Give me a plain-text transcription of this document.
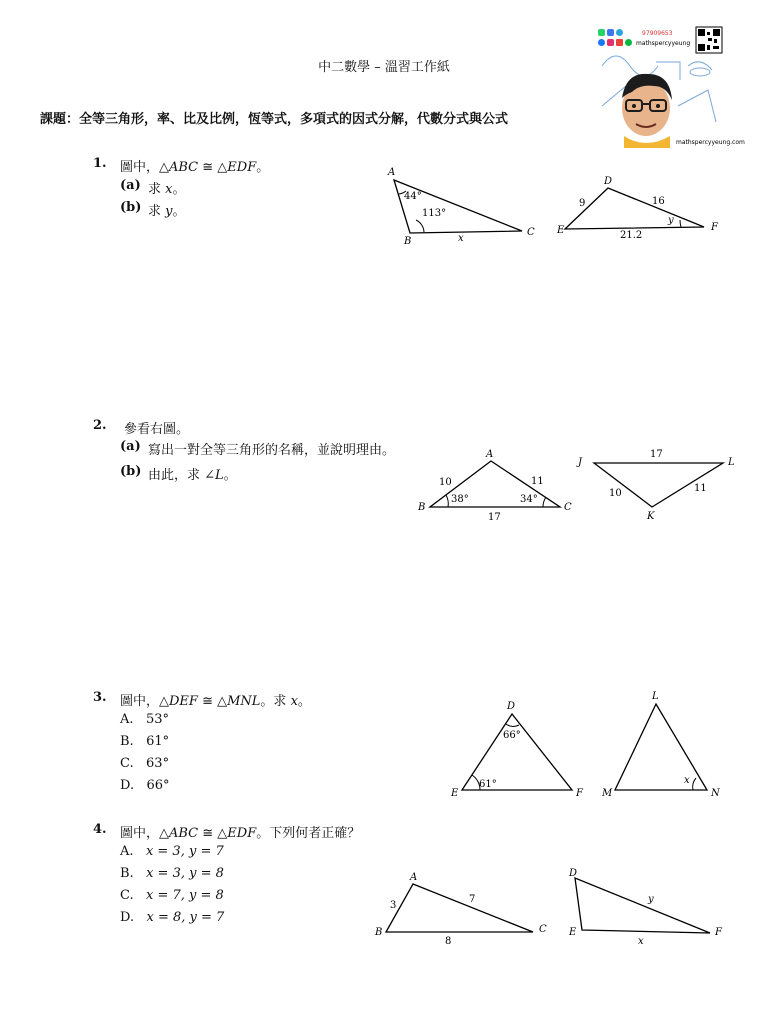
中二數學 – 溫習工作紙
課題：全等三角形，率、比及比例，恆等式，多項式的因式分解，代數分式與公式
97909653
mathspercyyeung
mathspercyyeung.com
1. 圖中，△ABC ≅ △EDF。
(a) 求 x。
(b) 求 y。
A
B
C
44°
113°
x
D
E	F
9	16
21.2
y
2. 參看右圖。
(a) 寫出一對全等三角形的名稱，並說明理由。
(b) 由此，求 ∠L。
A
B	C
10	11
17
38°	34°
J
K
L
17
10	11
3. 圖中，△DEF ≅ △MNL。求 x。
A. 53°
B. 61°
C. 63°
D. 66°
D
E	F
66°
61°
L
M	N
x
4. 圖中，△ABC ≅ △EDF。下列何者正確？
A. x = 3, y = 7
B. x = 3, y = 8
C. x = 7, y = 8
D. x = 8, y = 7
A
B	C
3
7
8
D
E	F
y
x
